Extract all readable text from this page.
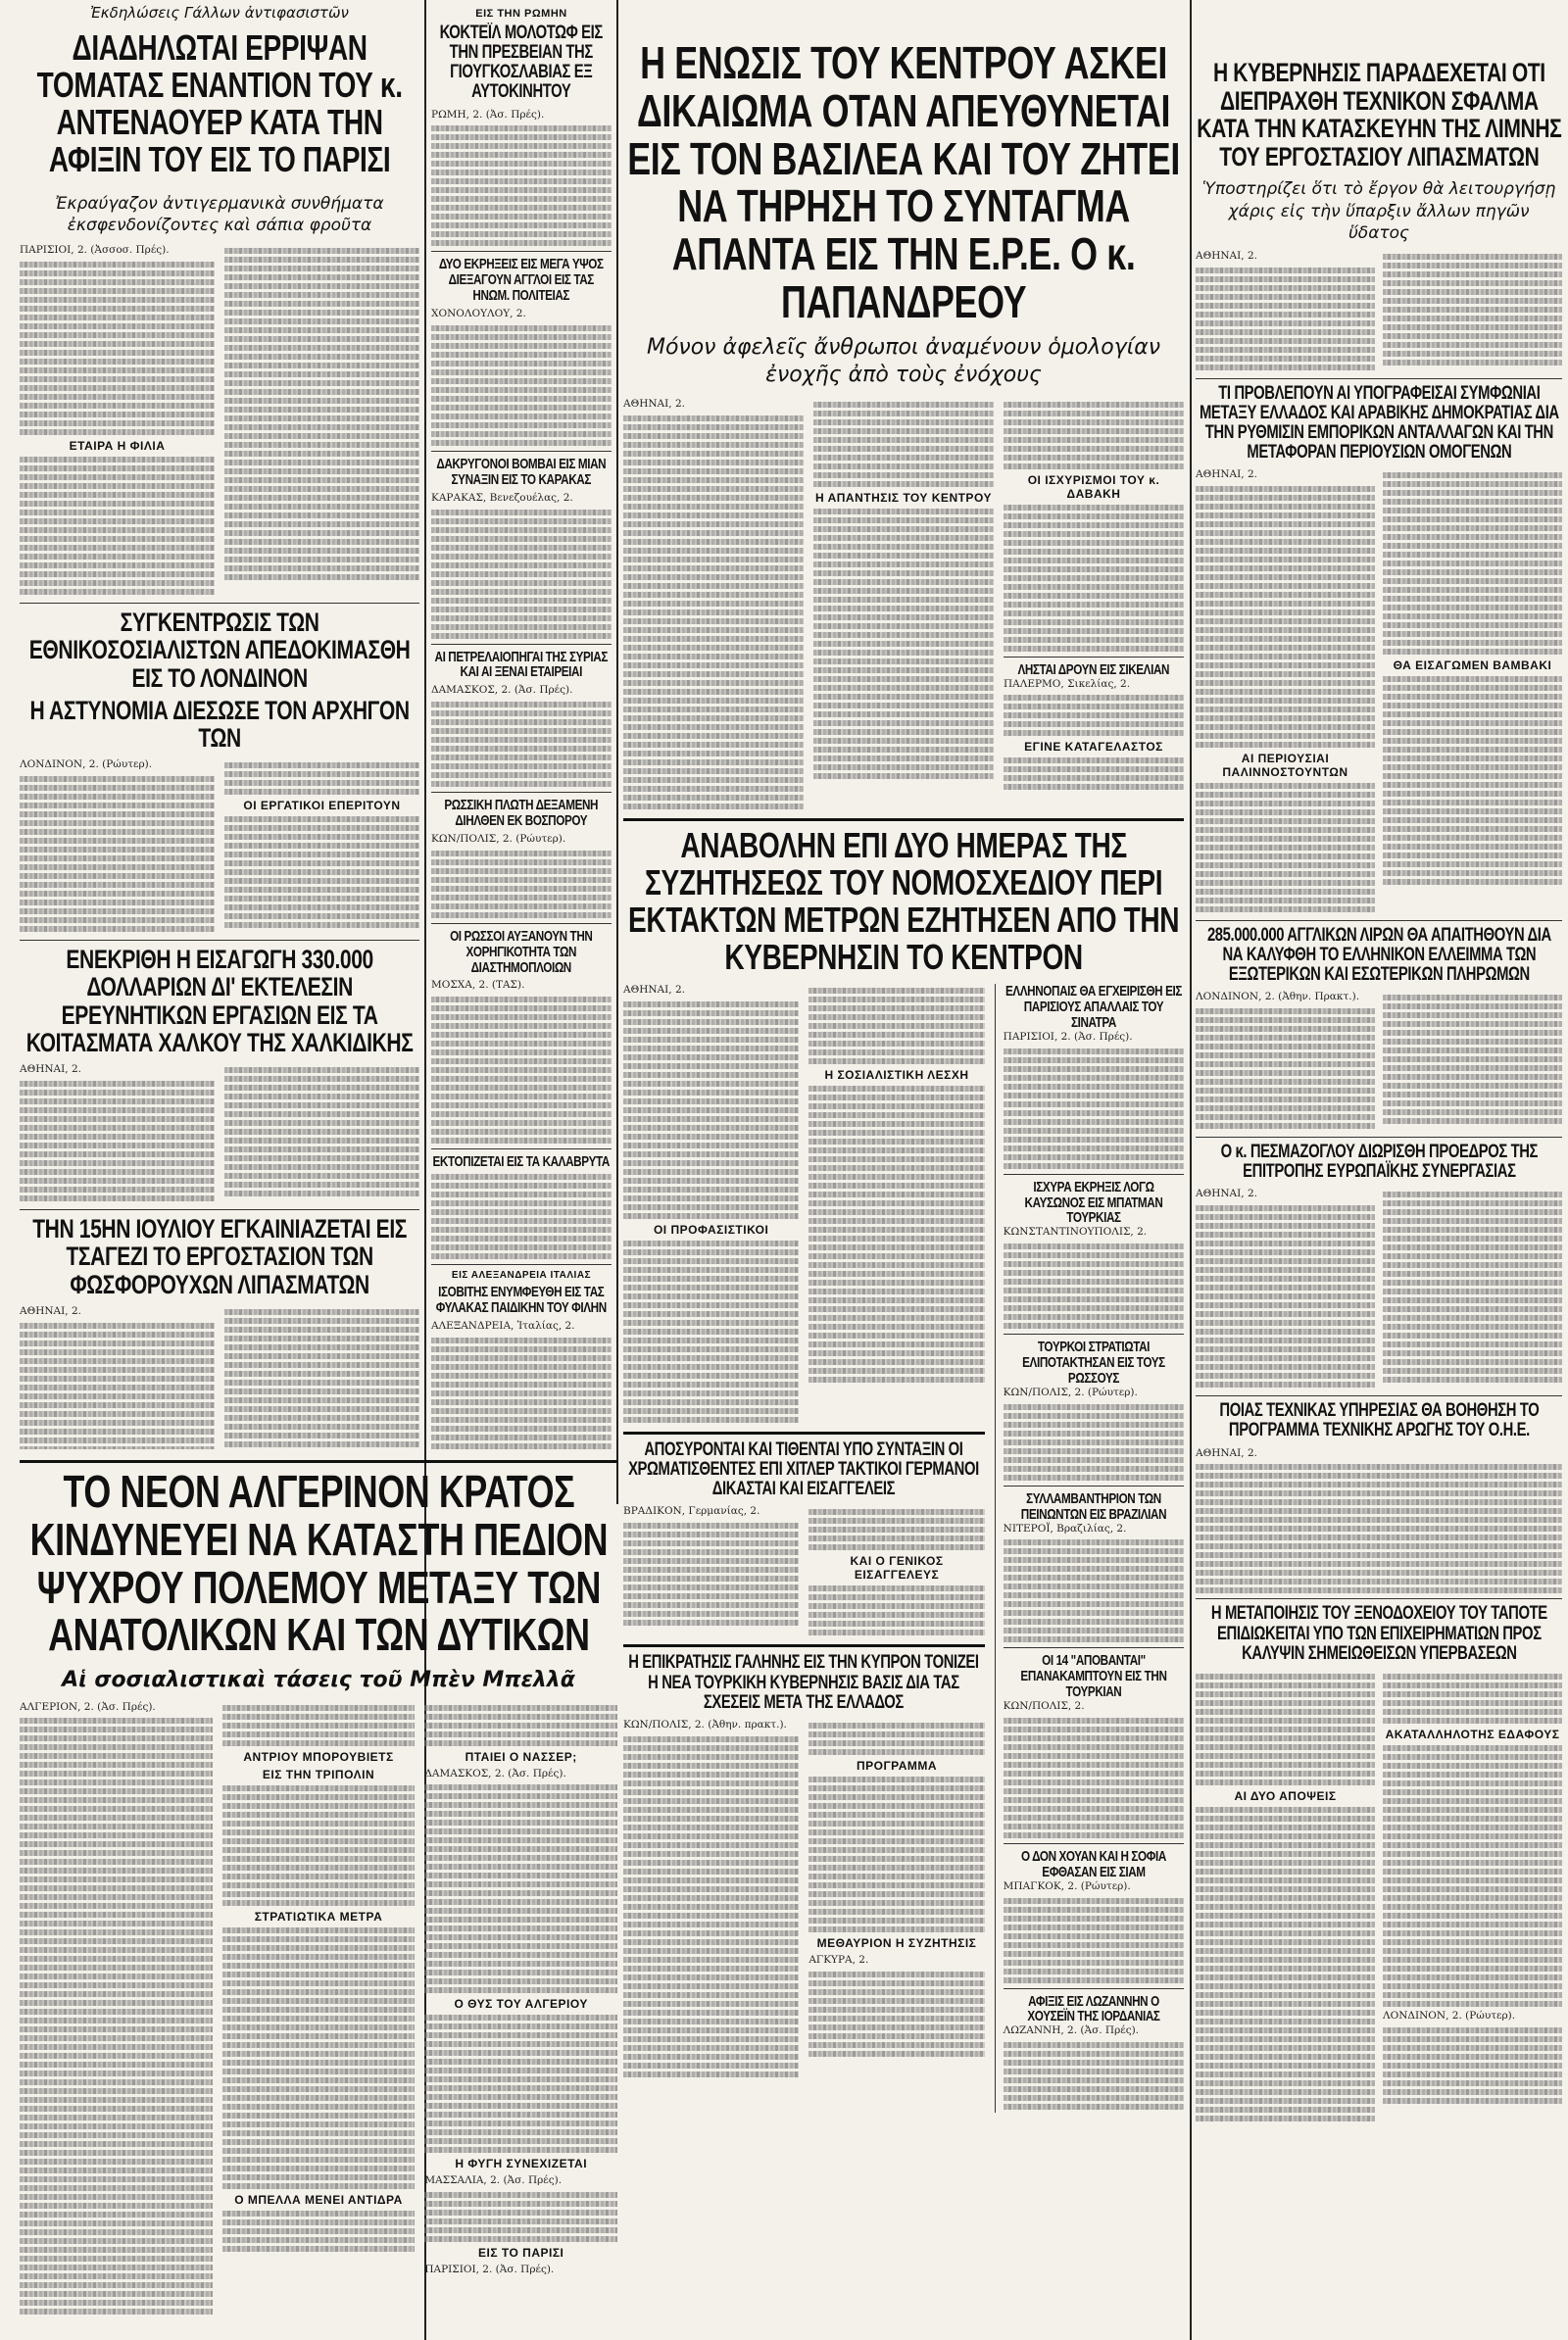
Ἐκδηλώσεις Γάλλων ἀντιφασιστῶν
ΔΙΑΔΗΛΩΤΑΙ ΕΡΡΙΨΑΝ ΤΟΜΑΤΑΣ ΕΝΑΝΤΙΟΝ ΤΟΥ κ. ΑΝΤΕΝΑΟΥΕΡ ΚΑΤΑ ΤΗΝ ΑΦΙΞΙΝ ΤΟΥ ΕΙΣ ΤΟ ΠΑΡΙΣΙ
Ἐκραύγαζον ἀντιγερμανικὰ συνθήματα ἐκσφενδονίζοντες καὶ σάπια φροῦτα
ΠΑΡΙΣΙΟΙ, 2. (Ἀσσοσ. Πρές).
ΕΤΑΙΡΑ Η ΦΙΛΙΑ
ΣΥΓΚΕΝΤΡΩΣΙΣ ΤΩΝ ΕΘΝΙΚΟΣΟΣΙΑΛΙΣΤΩΝ ΑΠΕΔΟΚΙΜΑΣΘΗ ΕΙΣ ΤΟ ΛΟΝΔΙΝΟΝ
Η ΑΣΤΥΝΟΜΙΑ ΔΙΕΣΩΣΕ ΤΟΝ ΑΡΧΗΓΟΝ ΤΩΝ
ΛΟΝΔΙΝΟΝ, 2. (Ρώυτερ).
ΟΙ ΕΡΓΑΤΙΚΟΙ ΕΠΕΡΙΤΟΥΝ
ΕΝΕΚΡΙΘΗ Η ΕΙΣΑΓΩΓΗ 330.000 ΔΟΛΛΑΡΙΩΝ ΔΙ' ΕΚΤΕΛΕΣΙΝ ΕΡΕΥΝΗΤΙΚΩΝ ΕΡΓΑΣΙΩΝ ΕΙΣ ΤΑ ΚΟΙΤΑΣΜΑΤΑ ΧΑΛΚΟΥ ΤΗΣ ΧΑΛΚΙΔΙΚΗΣ
ΑΘΗΝΑΙ, 2.
ΤΗΝ 15ΗΝ ΙΟΥΛΙΟΥ ΕΓΚΑΙΝΙΑΖΕΤΑΙ ΕΙΣ ΤΣΑΓΕΖΙ ΤΟ ΕΡΓΟΣΤΑΣΙΟΝ ΤΩΝ ΦΩΣΦΟΡΟΥΧΩΝ ΛΙΠΑΣΜΑΤΩΝ
ΑΘΗΝΑΙ, 2.
ΕΙΣ ΤΗΝ ΡΩΜΗΝ
ΚΟΚΤΕΪΛ ΜΟΛΟΤΩΦ ΕΙΣ ΤΗΝ ΠΡΕΣΒΕΙΑΝ ΤΗΣ ΓΙΟΥΓΚΟΣΛΑΒΙΑΣ ΕΞ ΑΥΤΟΚΙΝΗΤΟΥ
ΡΩΜΗ, 2. (Ἀσ. Πρές).
ΔΥΟ ΕΚΡΗΞΕΙΣ ΕΙΣ ΜΕΓΑ ΥΨΟΣ ΔΙΕΞΑΓΟΥΝ ΑΓΓΛΟΙ ΕΙΣ ΤΑΣ ΗΝΩΜ. ΠΟΛΙΤΕΙΑΣ
ΧΟΝΟΛΟΥΛΟΥ, 2.
ΔΑΚΡΥΓΟΝΟΙ ΒΟΜΒΑΙ ΕΙΣ ΜΙΑΝ ΣΥΝΑΞΙΝ ΕΙΣ ΤΟ ΚΑΡΑΚΑΣ
ΚΑΡΑΚΑΣ, Βενεζουέλας, 2.
ΑΙ ΠΕΤΡΕΛΑΙΟΠΗΓΑΙ ΤΗΣ ΣΥΡΙΑΣ ΚΑΙ ΑΙ ΞΕΝΑΙ ΕΤΑΙΡΕΙΑΙ
ΔΑΜΑΣΚΟΣ, 2. (Ἀσ. Πρές).
ΡΩΣΣΙΚΗ ΠΛΩΤΗ ΔΕΞΑΜΕΝΗ ΔΙΗΛΘΕΝ ΕΚ ΒΟΣΠΟΡΟΥ
ΚΩΝ/ΠΟΛΙΣ, 2. (Ρώυτερ).
ΟΙ ΡΩΣΣΟΙ ΑΥΞΑΝΟΥΝ ΤΗΝ ΧΟΡΗΓΙΚΟΤΗΤΑ ΤΩΝ ΔΙΑΣΤΗΜΟΠΛΟΙΩΝ
ΜΟΣΧΑ, 2. (ΤΑΣ).
ΕΚΤΟΠΙΖΕΤΑΙ ΕΙΣ ΤΑ ΚΑΛΑΒΡΥΤΑ
ΕΙΣ ΑΛΕΞΑΝΔΡΕΙΑ ΙΤΑΛΙΑΣ
ΙΣΟΒΙΤΗΣ ΕΝΥΜΦΕΥΘΗ ΕΙΣ ΤΑΣ ΦΥΛΑΚΑΣ ΠΑΙΔΙΚΗΝ ΤΟΥ ΦΙΛΗΝ
ΑΛΕΞΑΝΔΡΕΙΑ, Ἰταλίας, 2.
Η ΕΝΩΣΙΣ ΤΟΥ ΚΕΝΤΡΟΥ ΑΣΚΕΙ ΔΙΚΑΙΩΜΑ ΟΤΑΝ ΑΠΕΥΘΥΝΕΤΑΙ ΕΙΣ ΤΟΝ ΒΑΣΙΛΕΑ ΚΑΙ ΤΟΥ ΖΗΤΕΙ ΝΑ ΤΗΡΗΣΗ ΤΟ ΣΥΝΤΑΓΜΑ ΑΠΑΝΤΑ ΕΙΣ ΤΗΝ Ε.Ρ.Ε. Ο κ. ΠΑΠΑΝΔΡΕΟΥ
Μόνον ἀφελεῖς ἄνθρωποι ἀναμένουν ὁμολογίαν ἐνοχῆς ἀπὸ τοὺς ἐνόχους
ΑΘΗΝΑΙ, 2.
Η ΑΠΑΝΤΗΣΙΣ ΤΟΥ ΚΕΝΤΡΟΥ
ΟΙ ΙΣΧΥΡΙΣΜΟΙ ΤΟΥ κ. ΔΑΒΑΚΗ
ΛΗΣΤΑΙ ΔΡΟΥΝ ΕΙΣ ΣΙΚΕΛΙΑΝ
ΠΑΛΕΡΜΟ, Σικελίας, 2.
ΕΓΙΝΕ ΚΑΤΑΓΕΛΑΣΤΟΣ
ΑΝΑΒΟΛΗΝ ΕΠΙ ΔΥΟ ΗΜΕΡΑΣ ΤΗΣ ΣΥΖΗΤΗΣΕΩΣ ΤΟΥ ΝΟΜΟΣΧΕΔΙΟΥ ΠΕΡΙ ΕΚΤΑΚΤΩΝ ΜΕΤΡΩΝ ΕΖΗΤΗΣΕΝ ΑΠΟ ΤΗΝ ΚΥΒΕΡΝΗΣΙΝ ΤΟ ΚΕΝΤΡΟΝ
ΑΘΗΝΑΙ, 2.
ΟΙ ΠΡΟΦΑΣΙΣΤΙΚΟΙ
Η ΣΟΣΙΑΛΙΣΤΙΚΗ ΛΕΣΧΗ
ΑΠΟΣΥΡΟΝΤΑΙ ΚΑΙ ΤΙΘΕΝΤΑΙ ΥΠΟ ΣΥΝΤΑΞΙΝ ΟΙ ΧΡΩΜΑΤΙΣΘΕΝΤΕΣ ΕΠΙ ΧΙΤΛΕΡ ΤΑΚΤΙΚΟΙ ΓΕΡΜΑΝΟΙ ΔΙΚΑΣΤΑΙ ΚΑΙ ΕΙΣΑΓΓΕΛΕΙΣ
ΒΡΑΔΙΚΟΝ, Γερμανίας, 2.
ΚΑΙ Ο ΓΕΝΙΚΟΣ ΕΙΣΑΓΓΕΛΕΥΣ
Η ΕΠΙΚΡΑΤΗΣΙΣ ΓΑΛΗΝΗΣ ΕΙΣ ΤΗΝ ΚΥΠΡΟΝ ΤΟΝΙΖΕΙ Η ΝΕΑ ΤΟΥΡΚΙΚΗ ΚΥΒΕΡΝΗΣΙΣ ΒΑΣΙΣ ΔΙΑ ΤΑΣ ΣΧΕΣΕΙΣ ΜΕΤΑ ΤΗΣ ΕΛΛΑΔΟΣ
ΚΩΝ/ΠΟΛΙΣ, 2. (Ἀθην. πρακτ.).
ΠΡΟΓΡΑΜΜΑ
ΜΕΘΑΥΡΙΟΝ Η ΣΥΖΗΤΗΣΙΣ
ΑΓΚΥΡΑ, 2.
ΕΛΛΗΝΟΠΑΙΣ ΘΑ ΕΓΧΕΙΡΙΣΘΗ ΕΙΣ ΠΑΡΙΣΙΟΥΣ ΑΠΑΛΛΑΙΣ ΤΟΥ ΣΙΝΑΤΡΑ
ΠΑΡΙΣΙΟΙ, 2. (Ἀσ. Πρές).
ΙΣΧΥΡΑ ΕΚΡΗΞΙΣ ΛΟΓΩ ΚΑΥΣΩΝΟΣ ΕΙΣ ΜΠΑΤΜΑΝ ΤΟΥΡΚΙΑΣ
ΚΩΝΣΤΑΝΤΙΝΟΥΠΟΛΙΣ, 2.
ΤΟΥΡΚΟΙ ΣΤΡΑΤΙΩΤΑΙ ΕΛΙΠΟΤΑΚΤΗΣΑΝ ΕΙΣ ΤΟΥΣ ΡΩΣΣΟΥΣ
ΚΩΝ/ΠΟΛΙΣ, 2. (Ρώυτερ).
ΣΥΛΛΑΜΒΑΝΤΗΡΙΟΝ ΤΩΝ ΠΕΙΝΩΝΤΩΝ ΕΙΣ ΒΡΑΖΙΛΙΑΝ
ΝΙΤΕΡΟΪ, Βραζιλίας, 2.
ΟΙ 14 "ΑΠΟΒΑΝΤΑΙ" ΕΠΑΝΑΚΑΜΠΤΟΥΝ ΕΙΣ ΤΗΝ ΤΟΥΡΚΙΑΝ
ΚΩΝ/ΠΟΛΙΣ, 2.
Ο ΔΟΝ ΧΟΥΑΝ ΚΑΙ Η ΣΟΦΙΑ ΕΦΘΑΣΑΝ ΕΙΣ ΣΙΑΜ
ΜΠΑΓΚΟΚ, 2. (Ρώυτερ).
ΑΦΙΞΙΣ ΕΙΣ ΛΩΖΑΝΝΗΝ Ο ΧΟΥΣΕΪΝ ΤΗΣ ΙΟΡΔΑΝΙΑΣ
ΛΩΖΑΝΝΗ, 2. (Ἀσ. Πρές).
Η ΚΥΒΕΡΝΗΣΙΣ ΠΑΡΑΔΕΧΕΤΑΙ ΟΤΙ ΔΙΕΠΡΑΧΘΗ ΤΕΧΝΙΚΟΝ ΣΦΑΛΜΑ ΚΑΤΑ ΤΗΝ ΚΑΤΑΣΚΕΥΗΝ ΤΗΣ ΛΙΜΝΗΣ ΤΟΥ ΕΡΓΟΣΤΑΣΙΟΥ ΛΙΠΑΣΜΑΤΩΝ
Ὑποστηρίζει ὅτι τὸ ἔργον θὰ λειτουργήσῃ χάρις εἰς τὴν ὕπαρξιν ἄλλων πηγῶν ὕδατος
ΑΘΗΝΑΙ, 2.
ΤΙ ΠΡΟΒΛΕΠΟΥΝ ΑΙ ΥΠΟΓΡΑΦΕΙΣΑΙ ΣΥΜΦΩΝΙΑΙ ΜΕΤΑΞΥ ΕΛΛΑΔΟΣ ΚΑΙ ΑΡΑΒΙΚΗΣ ΔΗΜΟΚΡΑΤΙΑΣ ΔΙΑ ΤΗΝ ΡΥΘΜΙΣΙΝ ΕΜΠΟΡΙΚΩΝ ΑΝΤΑΛΛΑΓΩΝ ΚΑΙ ΤΗΝ ΜΕΤΑΦΟΡΑΝ ΠΕΡΙΟΥΣΙΩΝ ΟΜΟΓΕΝΩΝ
ΑΘΗΝΑΙ, 2.
ΑΙ ΠΕΡΙΟΥΣΙΑΙ ΠΑΛΙΝΝΟΣΤΟΥΝΤΩΝ
ΘΑ ΕΙΣΑΓΩΜΕΝ ΒΑΜΒΑΚΙ
285.000.000 ΑΓΓΛΙΚΩΝ ΛΙΡΩΝ ΘΑ ΑΠΑΙΤΗΘΟΥΝ ΔΙΑ ΝΑ ΚΑΛΥΦΘΗ ΤΟ ΕΛΛΗΝΙΚΟΝ ΕΛΛΕΙΜΜΑ ΤΩΝ ΕΞΩΤΕΡΙΚΩΝ ΚΑΙ ΕΣΩΤΕΡΙΚΩΝ ΠΛΗΡΩΜΩΝ
ΛΟΝΔΙΝΟΝ, 2. (Ἀθην. Πρακτ.).
Ο κ. ΠΕΣΜΑΖΟΓΛΟΥ ΔΙΩΡΙΣΘΗ ΠΡΟΕΔΡΟΣ ΤΗΣ ΕΠΙΤΡΟΠΗΣ ΕΥΡΩΠΑΪΚΗΣ ΣΥΝΕΡΓΑΣΙΑΣ
ΑΘΗΝΑΙ, 2.
ΠΟΙΑΣ ΤΕΧΝΙΚΑΣ ΥΠΗΡΕΣΙΑΣ ΘΑ ΒΟΗΘΗΣΗ ΤΟ ΠΡΟΓΡΑΜΜΑ ΤΕΧΝΙΚΗΣ ΑΡΩΓΗΣ ΤΟΥ Ο.Η.Ε.
ΑΘΗΝΑΙ, 2.
Η ΜΕΤΑΠΟΙΗΣΙΣ ΤΟΥ ΞΕΝΟΔΟΧΕΙΟΥ ΤΟΥ ΤΑΠΟΤΕ ΕΠΙΔΙΩΚΕΙΤΑΙ ΥΠΟ ΤΩΝ ΕΠΙΧΕΙΡΗΜΑΤΙΩΝ ΠΡΟΣ ΚΑΛΥΨΙΝ ΣΗΜΕΙΩΘΕΙΣΩΝ ΥΠΕΡΒΑΣΕΩΝ
ΑΙ ΔΥΟ ΑΠΟΨΕΙΣ
ΑΚΑΤΑΛΛΗΛΟΤΗΣ ΕΔΑΦΟΥΣ
ΛΟΝΔΙΝΟΝ, 2. (Ρώυτερ).
ΤΟ ΝΕΟΝ ΑΛΓΕΡΙΝΟΝ ΚΡΑΤΟΣ ΚΙΝΔΥΝΕΥΕΙ ΝΑ ΚΑΤΑΣΤΗ ΠΕΔΙΟΝ ΨΥΧΡΟΥ ΠΟΛΕΜΟΥ ΜΕΤΑΞΥ ΤΩΝ ΑΝΑΤΟΛΙΚΩΝ ΚΑΙ ΤΩΝ ΔΥΤΙΚΩΝ
Αἱ σοσιαλιστικαὶ τάσεις τοῦ Μπὲν Μπελλᾶ
ΑΛΓΕΡΙΟΝ, 2. (Ἀσ. Πρές).
ΑΝΤΡΙΟΥ ΜΠΟΡΟΥΒΙΕΤΣ
ΕΙΣ ΤΗΝ ΤΡΙΠΟΛΙΝ
ΣΤΡΑΤΙΩΤΙΚΑ ΜΕΤΡΑ
Ο ΜΠΕΛΛΑ ΜΕΝΕΙ ΑΝΤΙΔΡΑ
ΠΤΑΙΕΙ Ο ΝΑΣΣΕΡ;
ΔΑΜΑΣΚΟΣ, 2. (Ἀσ. Πρές).
Ο ΘΥΣ ΤΟΥ ΑΛΓΕΡΙΟΥ
Η ΦΥΓΗ ΣΥΝΕΧΙΖΕΤΑΙ
ΜΑΣΣΑΛΙΑ, 2. (Ἀσ. Πρές).
ΕΙΣ ΤΟ ΠΑΡΙΣΙ
ΠΑΡΙΣΙΟΙ, 2. (Ἀσ. Πρές).
